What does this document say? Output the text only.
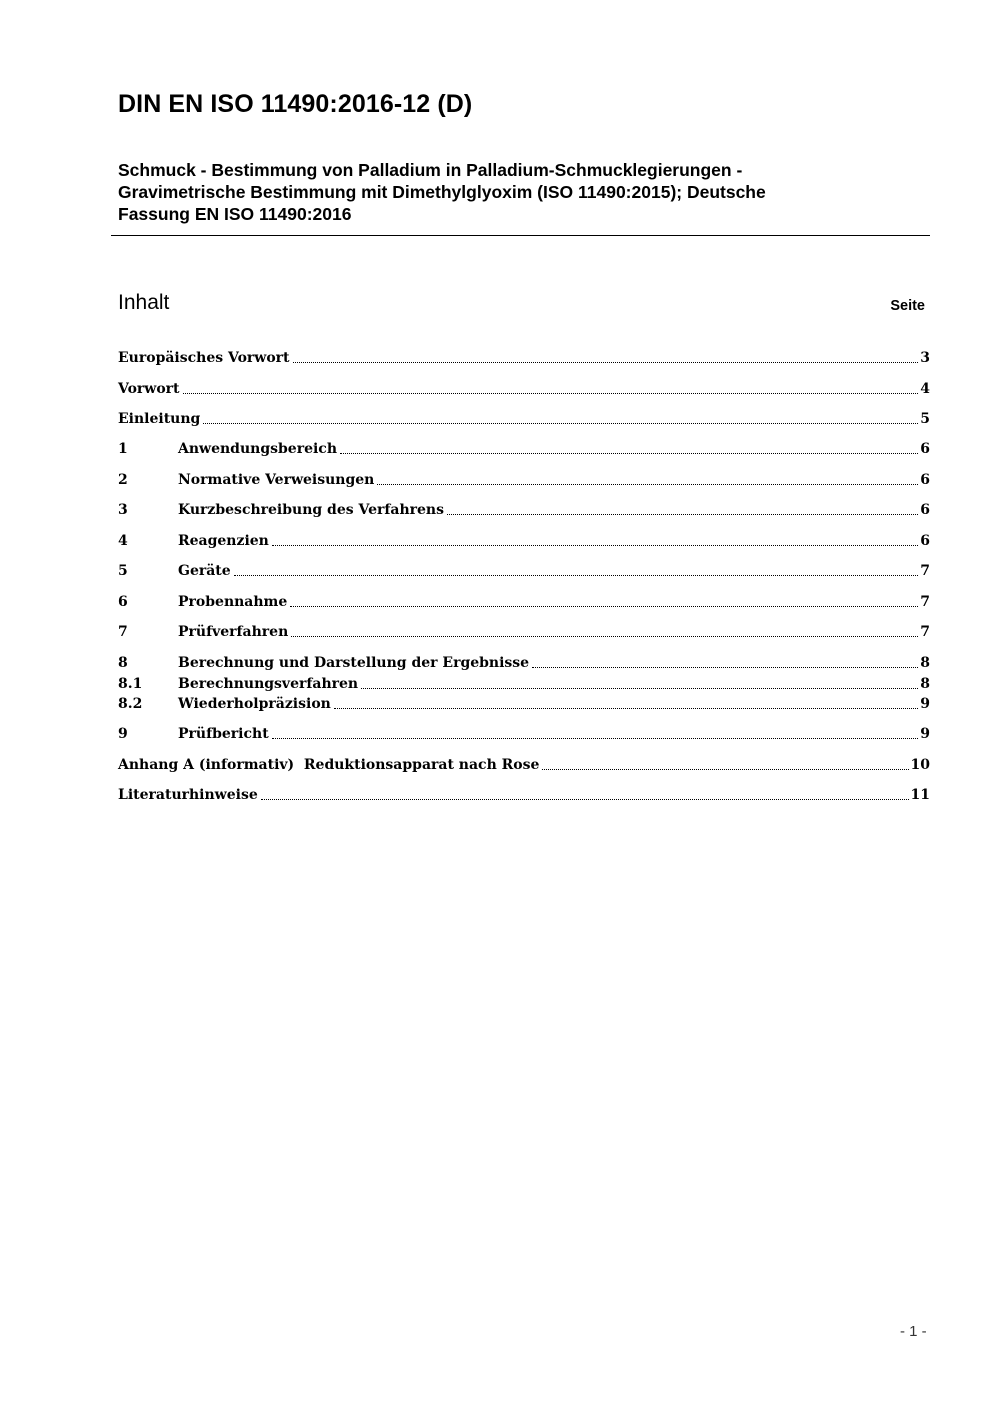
DIN EN ISO 11490:2016-12 (D)
Schmuck - Bestimmung von Palladium in Palladium-Schmucklegierungen -
Gravimetrische Bestimmung mit Dimethylglyoxim (ISO 11490:2015); Deutsche
Fassung EN ISO 11490:2016
Inhalt	Seite
Europäisches Vorwort	3
Vorwort	4
Einleitung	5
1	Anwendungsbereich	6
2	Normative Verweisungen	6
3	Kurzbeschreibung des Verfahrens	6
4	Reagenzien	6
5	Geräte	7
6	Probennahme	7
7	Prüfverfahren	7
8	Berechnung und Darstellung der Ergebnisse	8
8.1	Berechnungsverfahren	8
8.2	Wiederholpräzision	9
9	Prüfbericht	9
Anhang A (informativ)  Reduktionsapparat nach Rose	10
Literaturhinweise	11
- 1 -
